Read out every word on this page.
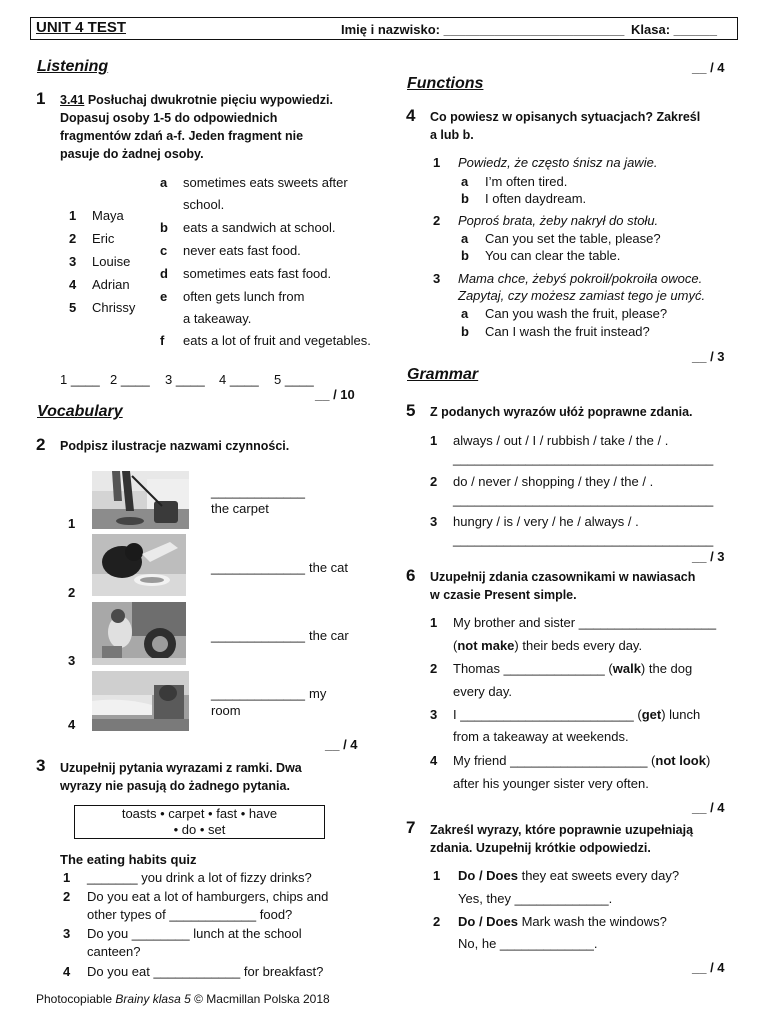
UNIT 4 TEST	Imię i nazwisko: _________________________ Klasa: ______
Listening
1 3.41 Posłuchaj dwukrotnie pięciu wypowiedzi.
Dopasuj osoby 1-5 do odpowiednich
fragmentów zdań a-f. Jeden fragment nie
pasuje do żadnej osoby.
1 Maya
2 Eric
3 Louise
4 Adrian
5 Chrissy
a sometimes eats sweets after
school.
b eats a sandwich at school.
c never eats fast food.
d sometimes eats fast food.
e often gets lunch from
a takeaway.
f eats a lot of fruit and vegetables.
1 ____ 2 ____ 3 ____ 4 ____ 5 ____
__ / 10
Vocabulary
2 Podpisz ilustracje nazwami czynności.
1
_____________
the carpet
2
_____________ the cat
3
_____________ the car
4
_____________ my
room
__ / 4
3 Uzupełnij pytania wyrazami z ramki. Dwa
wyrazy nie pasują do żadnego pytania.
toasts • carpet • fast • have
• do • set
The eating habits quiz
1 _______ you drink a lot of fizzy drinks?
2 Do you eat a lot of hamburgers, chips and
other types of ____________ food?
3 Do you ________ lunch at the school
canteen?
4 Do you eat ____________ for breakfast?
Photocopiable Brainy klasa 5 © Macmillan Polska 2018
__ / 4
Functions
4 Co powiesz w opisanych sytuacjach? Zakreśl
a lub b.
1 Powiedz, że często śnisz na jawie.
a I’m often tired.
b I often daydream.
2 Poproś brata, żeby nakrył do stołu.
a Can you set the table, please?
b You can clear the table.
3 Mama chce, żebyś pokroił/pokroiła owoce.
Zapytaj, czy możesz zamiast tego je umyć.
a Can you wash the fruit, please?
b Can I wash the fruit instead?
__ / 3
Grammar
5 Z podanych wyrazów ułóż poprawne zdania.
1 always / out / I / rubbish / take / the / .
____________________________________
2 do / never / shopping / they / the / .
____________________________________
3 hungry / is / very / he / always / .
____________________________________
__ / 3
6 Uzupełnij zdania czasownikami w nawiasach
w czasie Present simple.
1 My brother and sister ___________________
(not make) their beds every day.
2 Thomas ______________ (walk) the dog
every day.
3 I ________________________ (get) lunch
from a takeaway at weekends.
4 My friend ___________________ (not look)
after his younger sister very often.
__ / 4
7 Zakreśl wyrazy, które poprawnie uzupełniają
zdania. Uzupełnij krótkie odpowiedzi.
1 Do / Does they eat sweets every day?
Yes, they _____________.
2 Do / Does Mark wash the windows?
No, he _____________.
__ / 4
